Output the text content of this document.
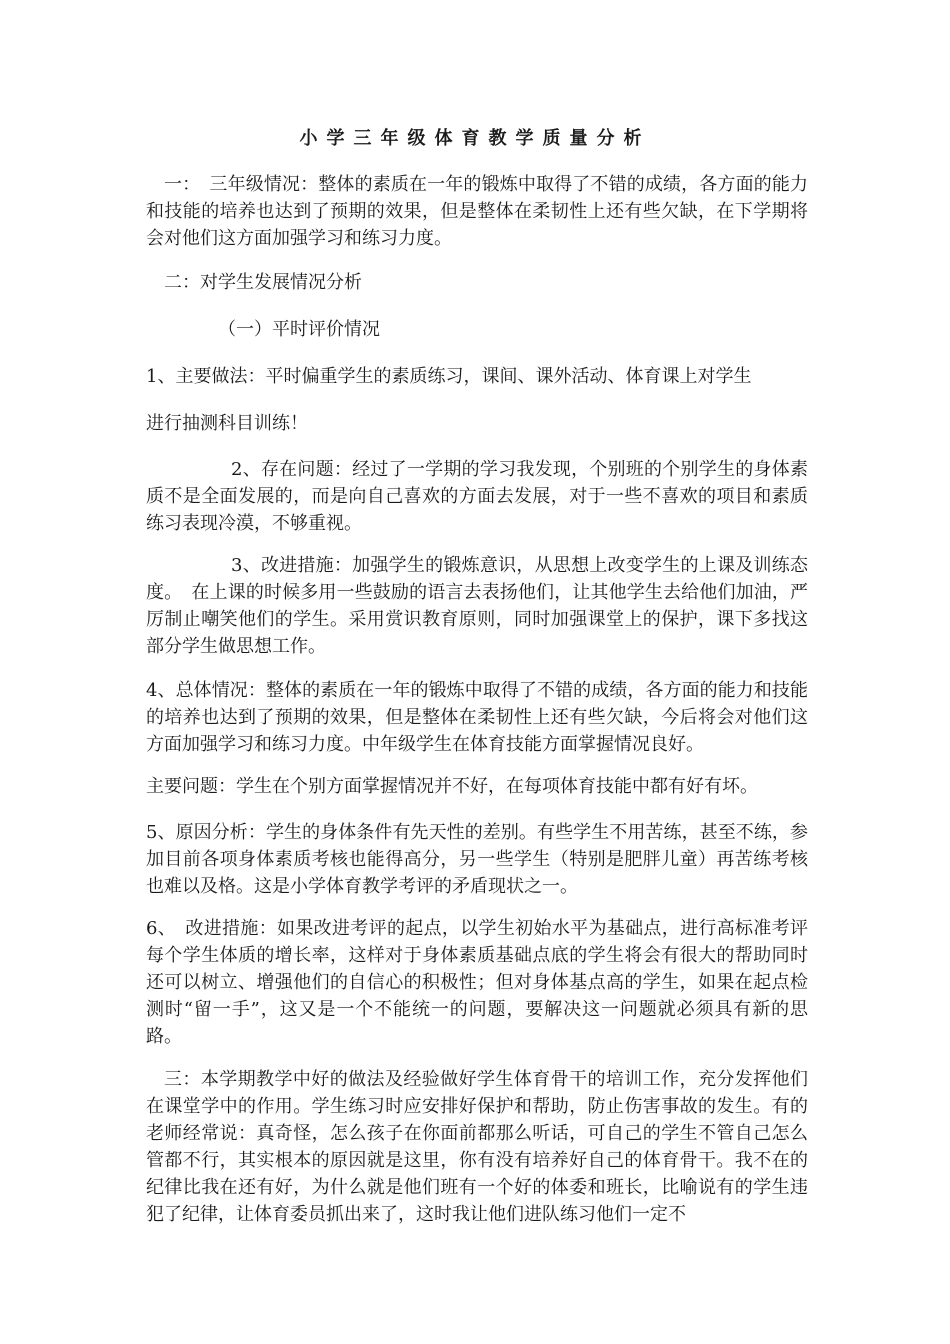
小学三年级体育教学质量分析
一：　三年级情况：整体的素质在一年的锻炼中取得了不错的成绩，各方面的能力和技能的培养也达到了预期的效果，但是整体在柔韧性上还有些欠缺，在下学期将会对他们这方面加强学习和练习力度。
二：对学生发展情况分析
（一）平时评价情况
1、主要做法：平时偏重学生的素质练习，课间、课外活动、体育课上对学生
进行抽测科目训练！
2、存在问题：经过了一学期的学习我发现，个别班的个别学生的身体素质不是全面发展的，而是向自己喜欢的方面去发展，对于一些不喜欢的项目和素质练习表现冷漠，不够重视。
3、改进措施：加强学生的锻炼意识，从思想上改变学生的上课及训练态度。　在上课的时候多用一些鼓励的语言去表扬他们，让其他学生去给他们加油，严厉制止嘲笑他们的学生。采用赏识教育原则，同时加强课堂上的保护，课下多找这部分学生做思想工作。
4、总体情况：整体的素质在一年的锻炼中取得了不错的成绩，各方面的能力和技能的培养也达到了预期的效果，但是整体在柔韧性上还有些欠缺，今后将会对他们这方面加强学习和练习力度。中年级学生在体育技能方面掌握情况良好。
主要问题：学生在个别方面掌握情况并不好，在每项体育技能中都有好有坏。
5、原因分析：学生的身体条件有先天性的差别。有些学生不用苦练，甚至不练，参加目前各项身体素质考核也能得高分，另一些学生（特别是肥胖儿童）再苦练考核也难以及格。这是小学体育教学考评的矛盾现状之一。
6、　改进措施：如果改进考评的起点，以学生初始水平为基础点，进行高标准考评每个学生体质的增长率，这样对于身体素质基础点底的学生将会有很大的帮助同时还可以树立、增强他们的自信心的积极性；但对身体基点高的学生，如果在起点检测时“留一手”，这又是一个不能统一的问题，要解决这一问题就必须具有新的思路。
三：本学期教学中好的做法及经验做好学生体育骨干的培训工作，充分发挥他们在课堂学中的作用。学生练习时应安排好保护和帮助，防止伤害事故的发生。有的老师经常说：真奇怪，怎么孩子在你面前都那么听话，可自己的学生不管自己怎么管都不行，其实根本的原因就是这里，你有没有培养好自己的体育骨干。我不在的纪律比我在还有好，为什么就是他们班有一个好的体委和班长，比喻说有的学生违犯了纪律，让体育委员抓出来了，这时我让他们进队练习他们一定不
